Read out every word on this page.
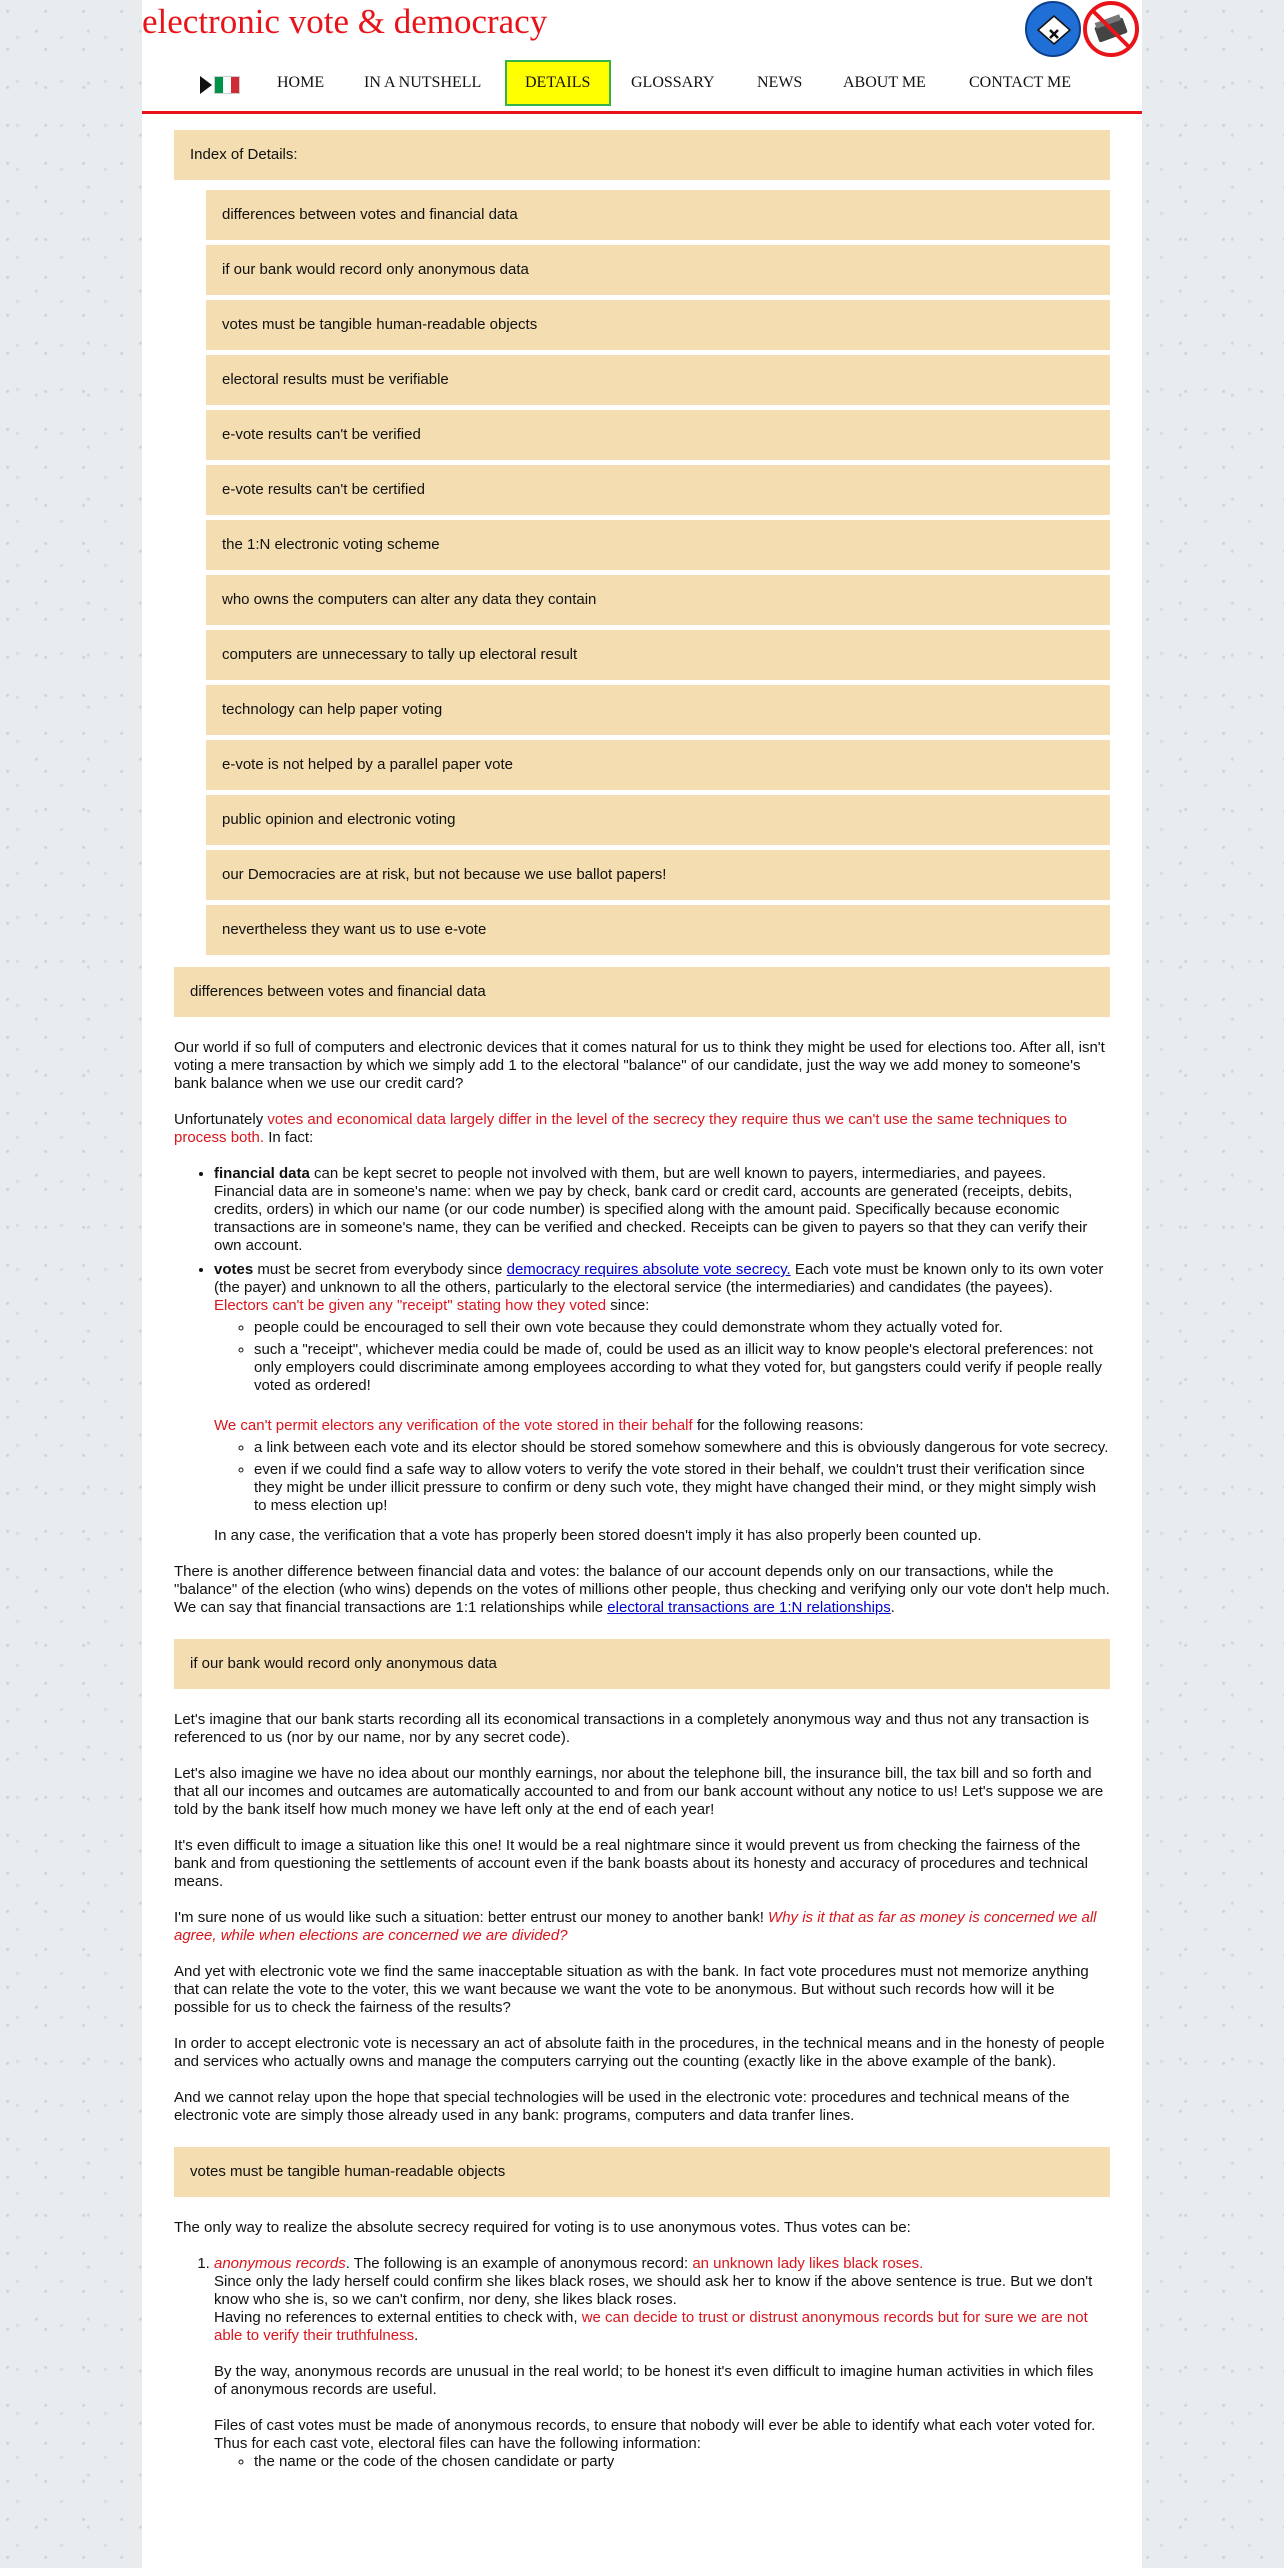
electronic vote & democracy
HOME IN A NUTSHELL	DETAILS	GLOSSARY	NEWS	ABOUT ME	CONTACT ME
Index of Details:
differences between votes and financial data
if our bank would record only anonymous data
votes must be tangible human-readable objects
electoral results must be verifiable
e-vote results can't be verified
e-vote results can't be certified
the 1:N electronic voting scheme
who owns the computers can alter any data they contain
computers are unnecessary to tally up electoral result
technology can help paper voting
e-vote is not helped by a parallel paper vote
public opinion and electronic voting
our Democracies are at risk, but not because we use ballot papers!
nevertheless they want us to use e-vote
differences between votes and financial data

Our world if so full of computers and electronic devices that it comes natural for us to think they might be used for elections too. After all, isn't voting a mere transaction by which we simply add 1 to the electoral "balance" of our candidate, just the way we add money to someone's bank balance when we use our credit card?

Unfortunately votes and economical data largely differ in the level of the secrecy they require thus we can't use the same techniques to process both. In fact:

• financial data can be kept secret to people not involved with them, but are well known to payers, intermediaries, and payees. Financial data are in someone's name: when we pay by check, bank card or credit card, accounts are generated (receipts, debits, credits, orders) in which our name (or our code number) is specified along with the amount paid. Specifically because economic transactions are in someone's name, they can be verified and checked. Receipts can be given to payers so that they can verify their own account.
• votes must be secret from everybody since democracy requires absolute vote secrecy. Each vote must be known only to its own voter (the payer) and unknown to all the others, particularly to the electoral service (the intermediaries) and candidates (the payees).
Electors can't be given any "receipt" stating how they voted since:
◦ people could be encouraged to sell their own vote because they could demonstrate whom they actually voted for.
◦ such a "receipt", whichever media could be made of, could be used as an illicit way to know people's electoral preferences: not only employers could discriminate among employees according to what they voted for, but gangsters could verify if people really voted as ordered!

We can't permit electors any verification of the vote stored in their behalf for the following reasons:
◦ a link between each vote and its elector should be stored somehow somewhere and this is obviously dangerous for vote secrecy.
◦ even if we could find a safe way to allow voters to verify the vote stored in their behalf, we couldn't trust their verification since they might be under illicit pressure to confirm or deny such vote, they might have changed their mind, or they might simply wish to mess election up!

In any case, the verification that a vote has properly been stored doesn't imply it has also properly been counted up.

There is another difference between financial data and votes: the balance of our account depends only on our transactions, while the "balance" of the election (who wins) depends on the votes of millions other people, thus checking and verifying only our vote don't help much. We can say that financial transactions are 1:1 relationships while electoral transactions are 1:N relationships.

if our bank would record only anonymous data

Let's imagine that our bank starts recording all its economical transactions in a completely anonymous way and thus not any transaction is referenced to us (nor by our name, nor by any secret code).

Let's also imagine we have no idea about our monthly earnings, nor about the telephone bill, the insurance bill, the tax bill and so forth and that all our incomes and outcames are automatically accounted to and from our bank account without any notice to us! Let's suppose we are told by the bank itself how much money we have left only at the end of each year!

It's even difficult to image a situation like this one! It would be a real nightmare since it would prevent us from checking the fairness of the bank and from questioning the settlements of account even if the bank boasts about its honesty and accuracy of procedures and technical means.

I'm sure none of us would like such a situation: better entrust our money to another bank! Why is it that as far as money is concerned we all agree, while when elections are concerned we are divided?

And yet with electronic vote we find the same inacceptable situation as with the bank. In fact vote procedures must not memorize anything that can relate the vote to the voter, this we want because we want the vote to be anonymous. But without such records how will it be possible for us to check the fairness of the results?

In order to accept electronic vote is necessary an act of absolute faith in the procedures, in the technical means and in the honesty of people and services who actually owns and manage the computers carrying out the counting (exactly like in the above example of the bank).

And we cannot relay upon the hope that special technologies will be used in the electronic vote: procedures and technical means of the electronic vote are simply those already used in any bank: programs, computers and data tranfer lines.

votes must be tangible human-readable objects

The only way to realize the absolute secrecy required for voting is to use anonymous votes. Thus votes can be:

1. anonymous records. The following is an example of anonymous record: an unknown lady likes black roses.
Since only the lady herself could confirm she likes black roses, we should ask her to know if the above sentence is true. But we don't know who she is, so we can't confirm, nor deny, she likes black roses.
Having no references to external entities to check with, we can decide to trust or distrust anonymous records but for sure we are not able to verify their truthfulness.

By the way, anonymous records are unusual in the real world; to be honest it's even difficult to imagine human activities in which files of anonymous records are useful.

Files of cast votes must be made of anonymous records, to ensure that nobody will ever be able to identify what each voter voted for. Thus for each cast vote, electoral files can have the following information:

◦ the name or the code of the chosen candidate or party
